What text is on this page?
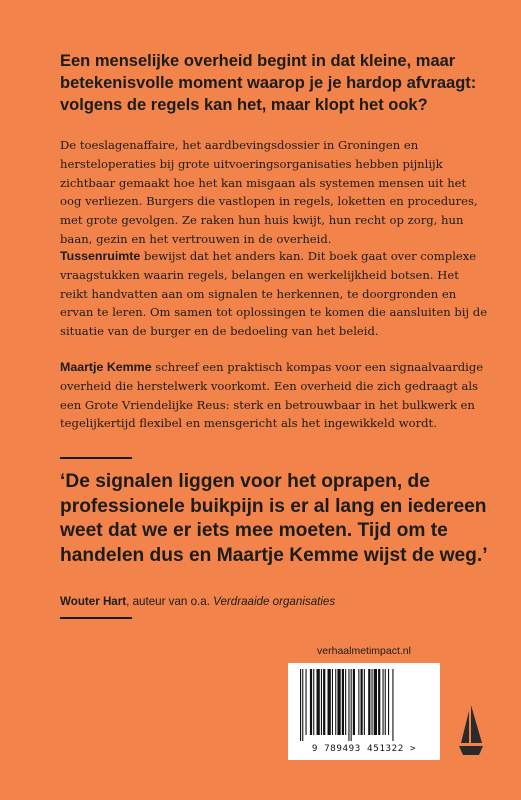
Een menselijke overheid begint in dat kleine, maar betekenisvolle moment waarop je je hardop afvraagt: volgens de regels kan het, maar klopt het ook?

De toeslagenaffaire, het aardbevingsdossier in Groningen en hersteloperaties bij grote uitvoeringsorganisaties hebben pijnlijk zichtbaar gemaakt hoe het kan misgaan als systemen mensen uit het oog verliezen. Burgers die vastlopen in regels, loketten en procedures, met grote gevolgen. Ze raken hun huis kwijt, hun recht op zorg, hun baan, gezin en het vertrouwen in de overheid.

Tussenruimte bewijst dat het anders kan. Dit boek gaat over complexe vraagstukken waarin regels, belangen en werkelijkheid botsen. Het reikt handvatten aan om signalen te herkennen, te doorgronden en ervan te leren. Om samen tot oplossingen te komen die aansluiten bij de situatie van de burger en de bedoeling van het beleid.

Maartje Kemme schreef een praktisch kompas voor een signaalvaardige overheid die herstelwerk voorkomt. Een overheid die zich gedraagt als een Grote Vriendelijke Reus: sterk en betrouwbaar in het bulkwerk en tegelijkertijd flexibel en mensgericht als het ingewikkeld wordt.

‘De signalen liggen voor het oprapen, de professionele buikpijn is er al lang en iedereen weet dat we er iets mee moeten. Tijd om te handelen dus en Maartje Kemme wijst de weg.’

Wouter Hart, auteur van o.a. Verdraaide organisaties

verhaalmetimpact.nl
9 789493 451322 >
